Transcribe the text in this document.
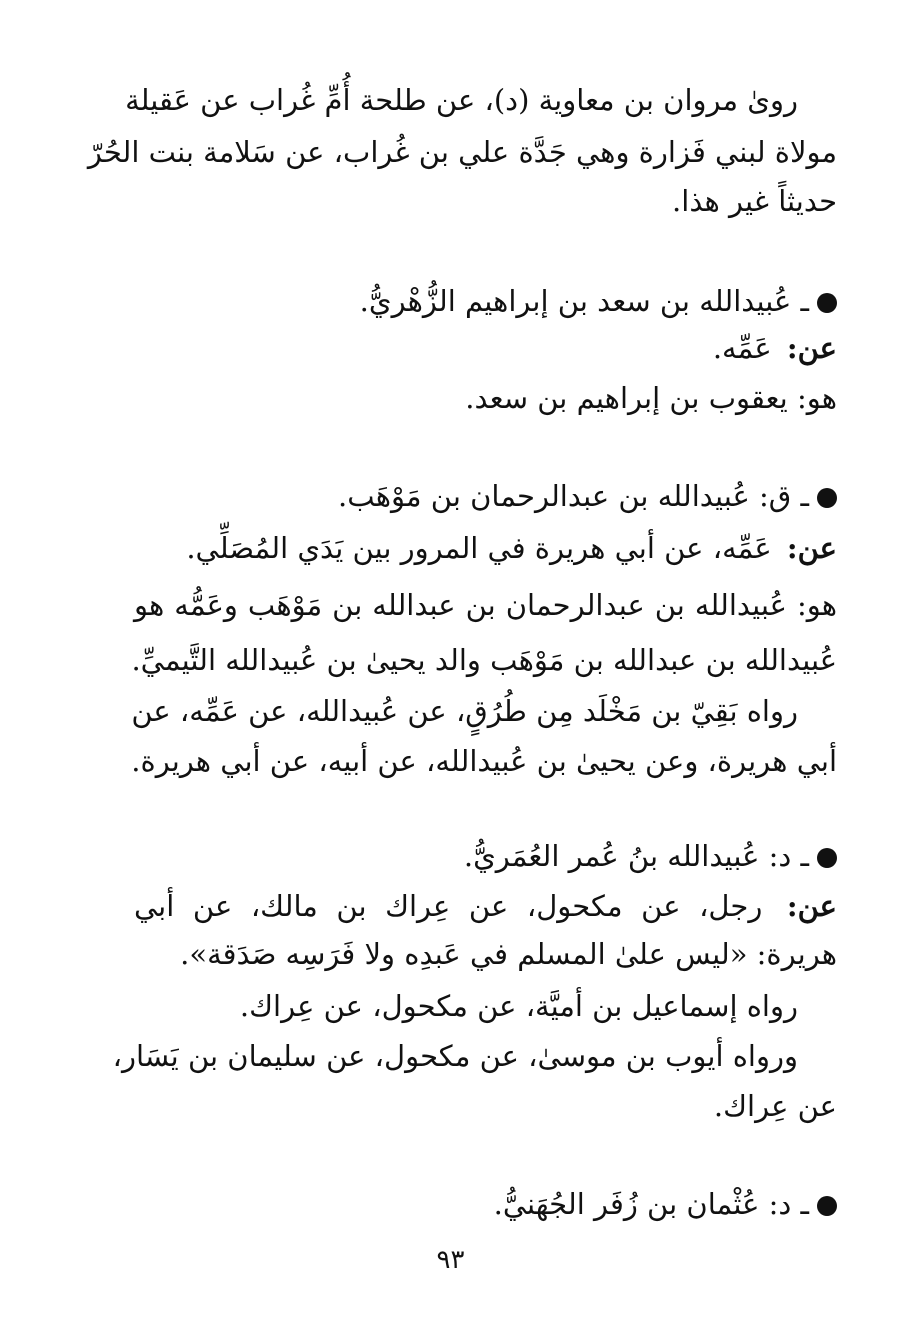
روىٰ مروان بن معاوية (د)، عن طلحة أُمِّ غُراب عن عَقيلة
مولاة لبني فَزارة وهي جَدَّة علي بن غُراب، عن سَلامة بنت الحُرّ
حديثاً غير هذا.
ـ عُبيدالله بن سعد بن إبراهيم الزُّهْريُّ.
عن: عَمِّه.
هو: يعقوب بن إبراهيم بن سعد.
ـ ق: عُبيدالله بن عبدالرحمان بن مَوْهَب.
عن: عَمِّه، عن أبي هريرة في المرور بين يَدَي المُصَلِّي.
هو: عُبيدالله بن عبدالرحمان بن عبدالله بن مَوْهَب وعَمُّه هو
عُبيدالله بن عبدالله بن مَوْهَب والد يحيىٰ بن عُبيدالله التَّيميِّ.
رواه بَقِيّ بن مَخْلَد مِن طُرُقٍ، عن عُبيدالله، عن عَمِّه، عن
أبي هريرة، وعن يحيىٰ بن عُبيدالله، عن أبيه، عن أبي هريرة.
ـ د: عُبيدالله بنُ عُمر العُمَريُّ.
عن: رجل، عن مكحول، عن عِراك بن مالك، عن أبي
هريرة: «ليس علىٰ المسلم في عَبدِه ولا فَرَسِه صَدَقة».
رواه إسماعيل بن أميَّة، عن مكحول، عن عِراك.
ورواه أيوب بن موسىٰ، عن مكحول، عن سليمان بن يَسَار،
عن عِراك.
ـ د: عُثْمان بن زُفَر الجُهَنيُّ.
٩٣
